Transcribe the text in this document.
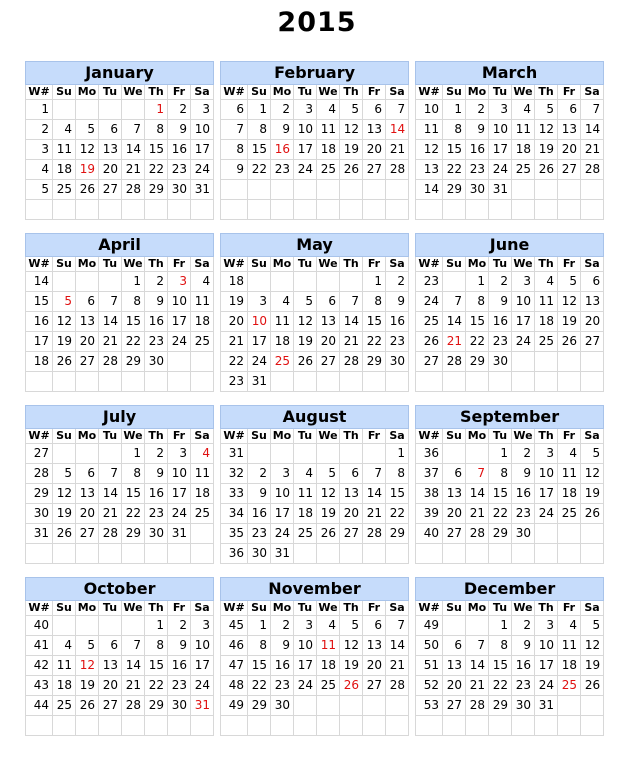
2015
January							
W#	Su	Mo	Tu	We	Th	Fr	Sa
1					1	2	3
2	4	5	6	7	8	9	10
3	11	12	13	14	15	16	17
4	18	19	20	21	22	23	24
5	25	26	27	28	29	30	31

February							
W#	Su	Mo	Tu	We	Th	Fr	Sa
6	1	2	3	4	5	6	7
7	8	9	10	11	12	13	14
8	15	16	17	18	19	20	21
9	22	23	24	25	26	27	28

March							
W#	Su	Mo	Tu	We	Th	Fr	Sa
10	1	2	3	4	5	6	7
11	8	9	10	11	12	13	14
12	15	16	17	18	19	20	21
13	22	23	24	25	26	27	28
14	29	30	31				

April							
W#	Su	Mo	Tu	We	Th	Fr	Sa
14				1	2	3	4
15	5	6	7	8	9	10	11
16	12	13	14	15	16	17	18
17	19	20	21	22	23	24	25
18	26	27	28	29	30		

May							
W#	Su	Mo	Tu	We	Th	Fr	Sa
18						1	2
19	3	4	5	6	7	8	9
20	10	11	12	13	14	15	16
21	17	18	19	20	21	22	23
22	24	25	26	27	28	29	30
23	31						
June							
W#	Su	Mo	Tu	We	Th	Fr	Sa
23		1	2	3	4	5	6
24	7	8	9	10	11	12	13
25	14	15	16	17	18	19	20
26	21	22	23	24	25	26	27
27	28	29	30				

July							
W#	Su	Mo	Tu	We	Th	Fr	Sa
27				1	2	3	4
28	5	6	7	8	9	10	11
29	12	13	14	15	16	17	18
30	19	20	21	22	23	24	25
31	26	27	28	29	30	31	

August							
W#	Su	Mo	Tu	We	Th	Fr	Sa
31							1
32	2	3	4	5	6	7	8
33	9	10	11	12	13	14	15
34	16	17	18	19	20	21	22
35	23	24	25	26	27	28	29
36	30	31					
September							
W#	Su	Mo	Tu	We	Th	Fr	Sa
36			1	2	3	4	5
37	6	7	8	9	10	11	12
38	13	14	15	16	17	18	19
39	20	21	22	23	24	25	26
40	27	28	29	30			

October							
W#	Su	Mo	Tu	We	Th	Fr	Sa
40					1	2	3
41	4	5	6	7	8	9	10
42	11	12	13	14	15	16	17
43	18	19	20	21	22	23	24
44	25	26	27	28	29	30	31

November							
W#	Su	Mo	Tu	We	Th	Fr	Sa
45	1	2	3	4	5	6	7
46	8	9	10	11	12	13	14
47	15	16	17	18	19	20	21
48	22	23	24	25	26	27	28
49	29	30					

December							
W#	Su	Mo	Tu	We	Th	Fr	Sa
49			1	2	3	4	5
50	6	7	8	9	10	11	12
51	13	14	15	16	17	18	19
52	20	21	22	23	24	25	26
53	27	28	29	30	31		
